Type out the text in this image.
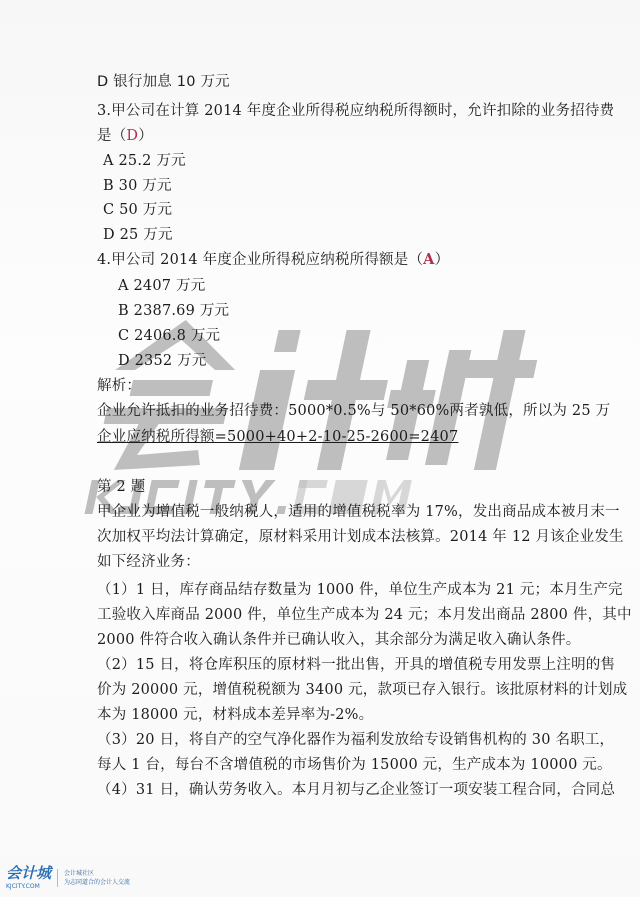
D 银行加息 10 万元
3.甲公司在计算 2014 年度企业所得税应纳税所得额时，允许扣除的业务招待费
是（D）
A 25.2 万元
B 30 万元
C 50 万元
D 25 万元
4.甲公司 2014 年度企业所得税应纳税所得额是（A）
A 2407 万元
B 2387.69 万元
C 2406.8 万元
D 2352 万元
解析：
企业允许抵扣的业务招待费：5000*0.5%与 50*60%两者孰低，所以为 25 万
企业应纳税所得额=5000+40+2-10-25-2600=2407
第 2 题
甲企业为增值税一般纳税人，适用的增值税税率为 17%，发出商品成本被月末一
次加权平均法计算确定，原材料采用计划成本法核算。2014 年 12 月该企业发生
如下经济业务：
（1）1 日，库存商品结存数量为 1000 件，单位生产成本为 21 元；本月生产完
工验收入库商品 2000 件，单位生产成本为 24 元；本月发出商品 2800 件，其中
2000 件符合收入确认条件并已确认收入，其余部分为满足收入确认条件。
（2）15 日，将仓库积压的原材料一批出售，开具的增值税专用发票上注明的售
价为 20000 元，增值税税额为 3400 元，款项已存入银行。该批原材料的计划成
本为 18000 元，材料成本差异率为-2%。
（3）20 日，将自产的空气净化器作为福利发放给专设销售机构的 30 名职工，
每人 1 台，每台不含增值税的市场售价为 15000 元，生产成本为 10000 元。
（4）31 日，确认劳务收入。本月月初与乙企业签订一项安装工程合同，合同总
会计城
KJCITY.COM
会计城社区
为志同道合的会计人交流
